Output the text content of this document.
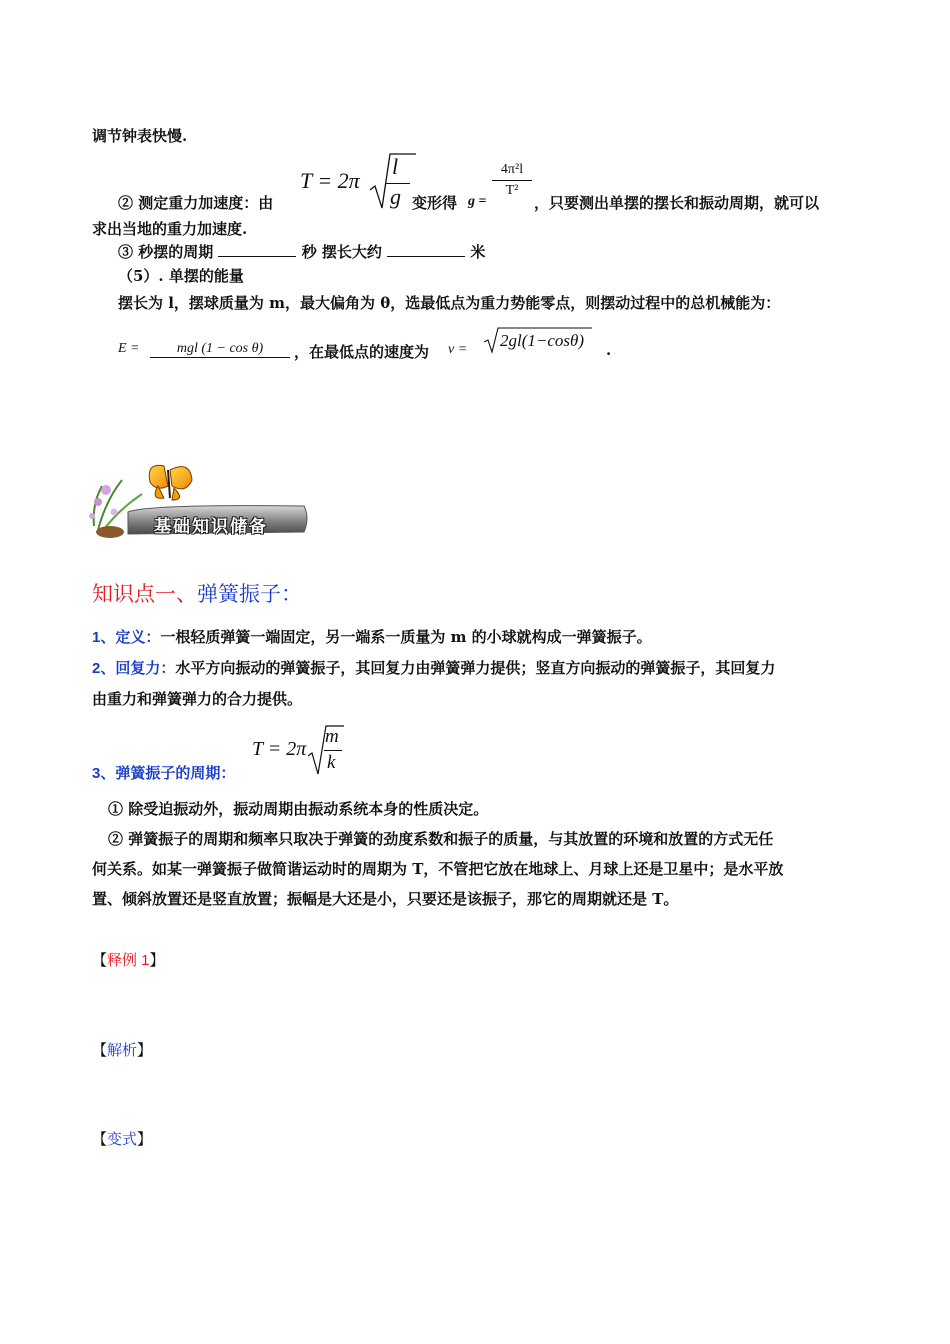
调节钟表快慢.
T = 2π
l
g
② 测定重力加速度：由	变形得 g =
4π²l
T²
，只要测出单摆的摆长和振动周期，就可以
求出当地的重力加速度.
③ 秒摆的周期	秒 摆长大约	米
（5）. 单摆的能量
摆长为 l，摆球质量为 m，最大偏角为 θ，选最低点为重力势能零点，则摆动过程中的总机械能为：
E =	mgl (1 − cos θ)	，在最低点的速度为 v = 2gl(1−cosθ) .
基础知识储备
知识点一、弹簧振子：
1、定义：一根轻质弹簧一端固定，另一端系一质量为 m 的小球就构成一弹簧振子。
2、回复力：水平方向振动的弹簧振子，其回复力由弹簧弹力提供；竖直方向振动的弹簧振子，其回复力
由重力和弹簧弹力的合力提供。
T = 2π
m
k
3、弹簧振子的周期：
① 除受迫振动外，振动周期由振动系统本身的性质决定。
② 弹簧振子的周期和频率只取决于弹簧的劲度系数和振子的质量，与其放置的环境和放置的方式无任
何关系。如某一弹簧振子做简谐运动时的周期为 T，不管把它放在地球上、月球上还是卫星中；是水平放
置、倾斜放置还是竖直放置；振幅是大还是小，只要还是该振子，那它的周期就还是 T。
【释例 1】
【解析】
【变式】
